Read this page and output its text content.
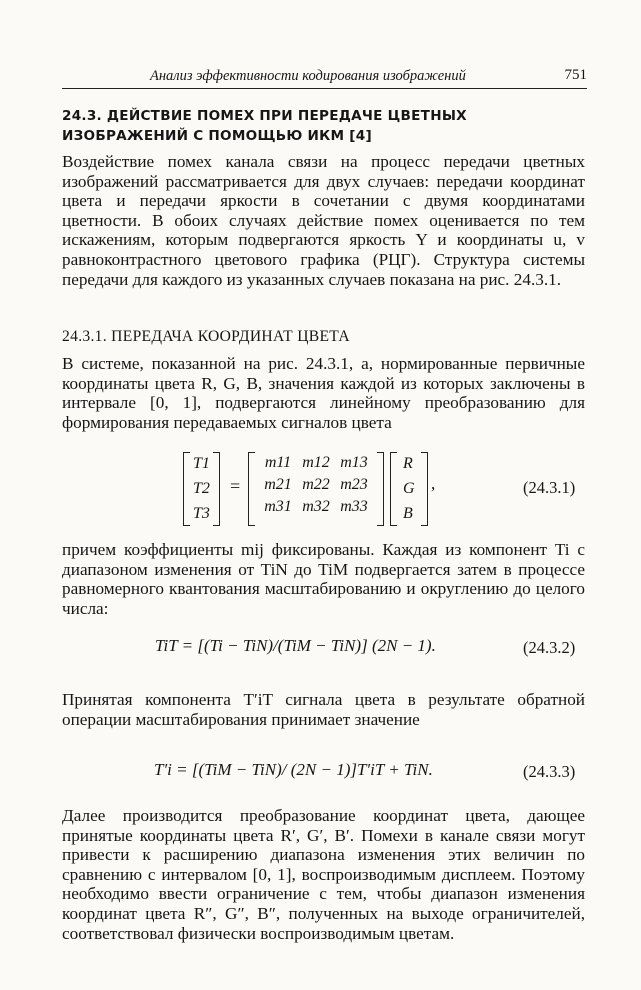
Анализ эффективности кодирования изображений	751
24.3. ДЕЙСТВИЕ ПОМЕХ ПРИ ПЕРЕДАЧЕ ЦВЕТНЫХ
ИЗОБРАЖЕНИЙ С ПОМОЩЬЮ ИКМ [4]

Воздействие помех канала связи на процесс передачи цветных изображений рассматривается для двух случаев: передачи координат цвета и передачи яркости в сочетании с двумя координатами цветности. В обоих случаях действие помех оценивается по тем искажениям, которым подвергаются яркость Y и координаты u, v равноконтрастного цветового графика (РЦГ). Структура системы передачи для каждого из указанных случаев показана на рис. 24.3.1.

24.3.1. ПЕРЕДАЧА КООРДИНАТ ЦВЕТА

В системе, показанной на рис. 24.3.1, а, нормированные первичные координаты цвета R, G, B, значения каждой из которых заключены в интервале [0, 1], подвергаются линейному преобразованию для формирования передаваемых сигналов цвета

T1
T2
T3
=
m11 m12 m13
m21 m22 m23
m31 m32 m33
R
G
B
,	(24.3.1)

причем коэффициенты mij фиксированы. Каждая из компонент Ti с диапазоном изменения от TiN до TiM подвергается затем в процессе равномерного квантования масштабированию и округлению до целого числа:

TiT = [(Ti − TiN)/(TiM − TiN)] (2N − 1).	(24.3.2)

Принятая компонента T′iT сигнала цвета в результате обратной операции масштабирования принимает значение

T′i = [(TiM − TiN)/ (2N − 1)]T′iT + TiN.	(24.3.3)

Далее производится преобразование координат цвета, дающее принятые координаты цвета R′, G′, B′. Помехи в канале связи могут привести к расширению диапазона изменения этих величин по сравнению с интервалом [0, 1], воспроизводимым дисплеем. Поэтому необходимо ввести ограничение с тем, чтобы диапазон изменения координат цвета R″, G″, B″, полученных на выходе ограничителей, соответствовал физически воспроизводимым цветам.
